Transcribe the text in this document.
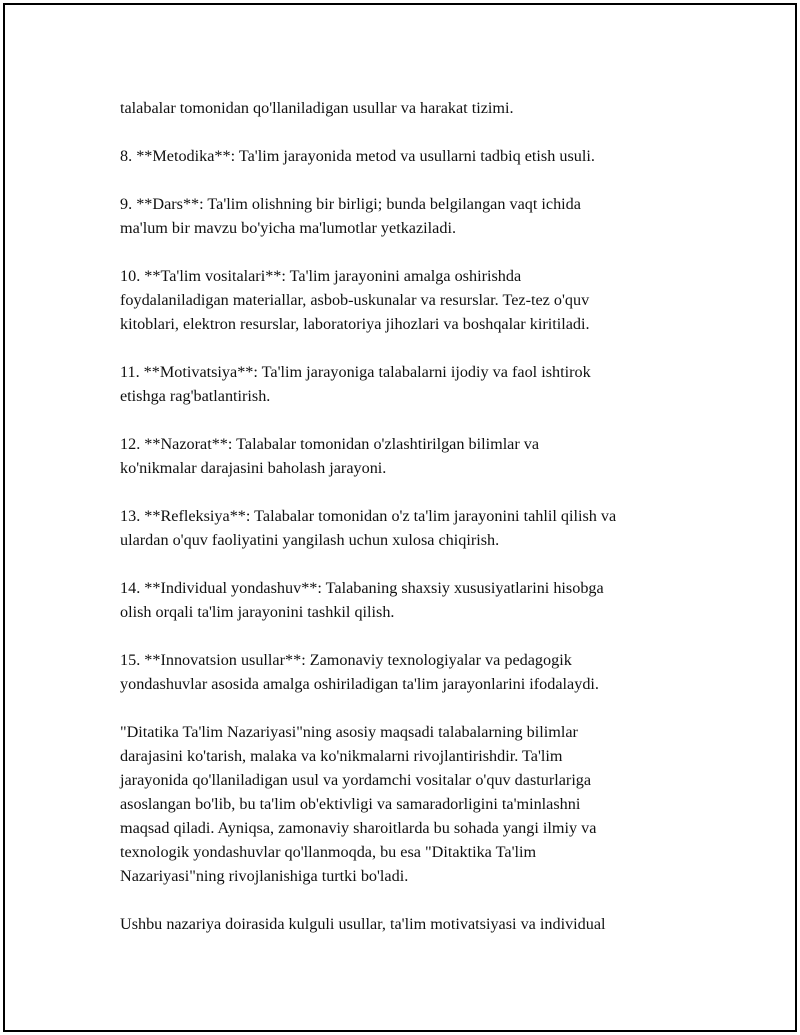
talabalar tomonidan qo'llaniladigan usullar va harakat tizimi.

8. **Metodika**: Ta'lim jarayonida metod va usullarni tadbiq etish usuli.

9. **Dars**: Ta'lim olishning bir birligi; bunda belgilangan vaqt ichida
ma'lum bir mavzu bo'yicha ma'lumotlar yetkaziladi.

10. **Ta'lim vositalari**: Ta'lim jarayonini amalga oshirishda
foydalaniladigan materiallar, asbob-uskunalar va resurslar. Tez-tez o'quv
kitoblari, elektron resurslar, laboratoriya jihozlari va boshqalar kiritiladi.

11. **Motivatsiya**: Ta'lim jarayoniga talabalarni ijodiy va faol ishtirok
etishga rag'batlantirish.

12. **Nazorat**: Talabalar tomonidan o'zlashtirilgan bilimlar va
ko'nikmalar darajasini baholash jarayoni.

13. **Refleksiya**: Talabalar tomonidan o'z ta'lim jarayonini tahlil qilish va
ulardan o'quv faoliyatini yangilash uchun xulosa chiqirish.

14. **Individual yondashuv**: Talabaning shaxsiy xususiyatlarini hisobga
olish orqali ta'lim jarayonini tashkil qilish.

15. **Innovatsion usullar**: Zamonaviy texnologiyalar va pedagogik
yondashuvlar asosida amalga oshiriladigan ta'lim jarayonlarini ifodalaydi.

"Ditatika Ta'lim Nazariyasi"ning asosiy maqsadi talabalarning bilimlar
darajasini ko'tarish, malaka va ko'nikmalarni rivojlantirishdir. Ta'lim
jarayonida qo'llaniladigan usul va yordamchi vositalar o'quv dasturlariga
asoslangan bo'lib, bu ta'lim ob'ektivligi va samaradorligini ta'minlashni
maqsad qiladi. Ayniqsa, zamonaviy sharoitlarda bu sohada yangi ilmiy va
texnologik yondashuvlar qo'llanmoqda, bu esa "Ditaktika Ta'lim
Nazariyasi"ning rivojlanishiga turtki bo'ladi.

Ushbu nazariya doirasida kulguli usullar, ta'lim motivatsiyasi va individual
